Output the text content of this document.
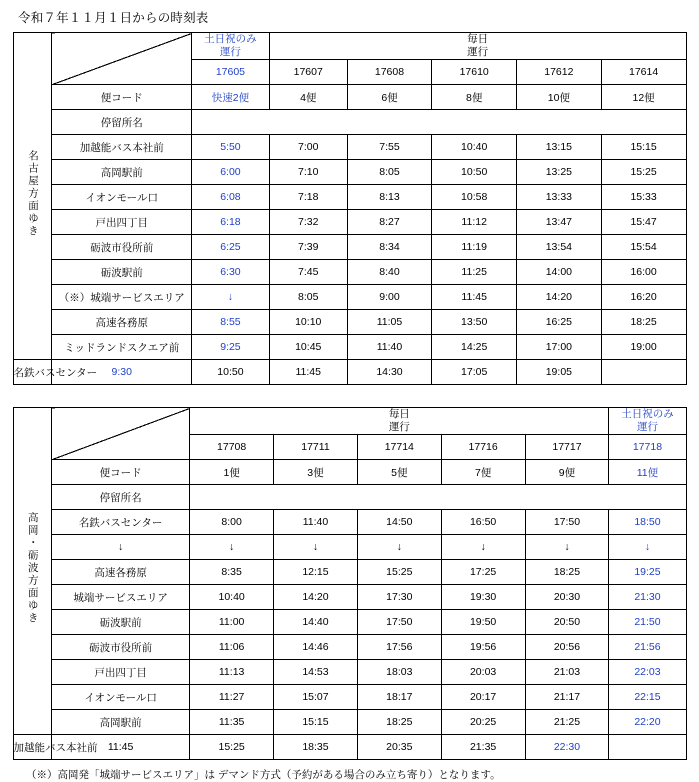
令和７年１１月１日からの時刻表
名古屋方面ゆき		
土日祝のみ
運行

毎日
運行

		17605	17607	17608	17610	17612	17614
	便コード	快速2便	4便	6便	8便	10便	12便
	停留所名						
	加越能バス本社前	5:50	7:00	7:55	10:40	13:15	15:15
	高岡駅前	6:00	7:10	8:05	10:50	13:25	15:25
	イオンモール口	6:08	7:18	8:13	10:58	13:33	15:33
	戸出四丁目	6:18	7:32	8:27	11:12	13:47	15:47
	砺波市役所前	6:25	7:39	8:34	11:19	13:54	15:54
	砺波駅前	6:30	7:45	8:40	11:25	14:00	16:00
	（※）城端サービスエリア	↓	8:05	9:00	11:45	14:20	16:20
	高速各務原	8:55	10:10	11:05	13:50	16:25	18:25
	ミッドランドスクエア前	9:25	10:45	11:40	14:25	17:00	19:00
名鉄バスセンター	9:30	10:50	11:45	14:30	17:05	19:05	
高岡・砺波方面ゆき		
毎日
運行

土日祝のみ
運行

		17708	17711	17714	17716	17717	17718
	便コード	1便	3便	5便	7便	9便	11便
	停留所名						
	名鉄バスセンター	8:00	11:40	14:50	16:50	17:50	18:50
	↓	↓	↓	↓	↓	↓	↓
	高速各務原	8:35	12:15	15:25	17:25	18:25	19:25
	城端サービスエリア	10:40	14:20	17:30	19:30	20:30	21:30
	砺波駅前	11:00	14:40	17:50	19:50	20:50	21:50
	砺波市役所前	11:06	14:46	17:56	19:56	20:56	21:56
	戸出四丁目	11:13	14:53	18:03	20:03	21:03	22:03
	イオンモール口	11:27	15:07	18:17	20:17	21:17	22:15
	高岡駅前	11:35	15:15	18:25	20:25	21:25	22:20
加越能バス本社前	11:45	15:25	18:35	20:35	21:35	22:30	
（※）高岡発「城端サービスエリア」は デマンド方式（予約がある場合のみ立ち寄り）となります。
